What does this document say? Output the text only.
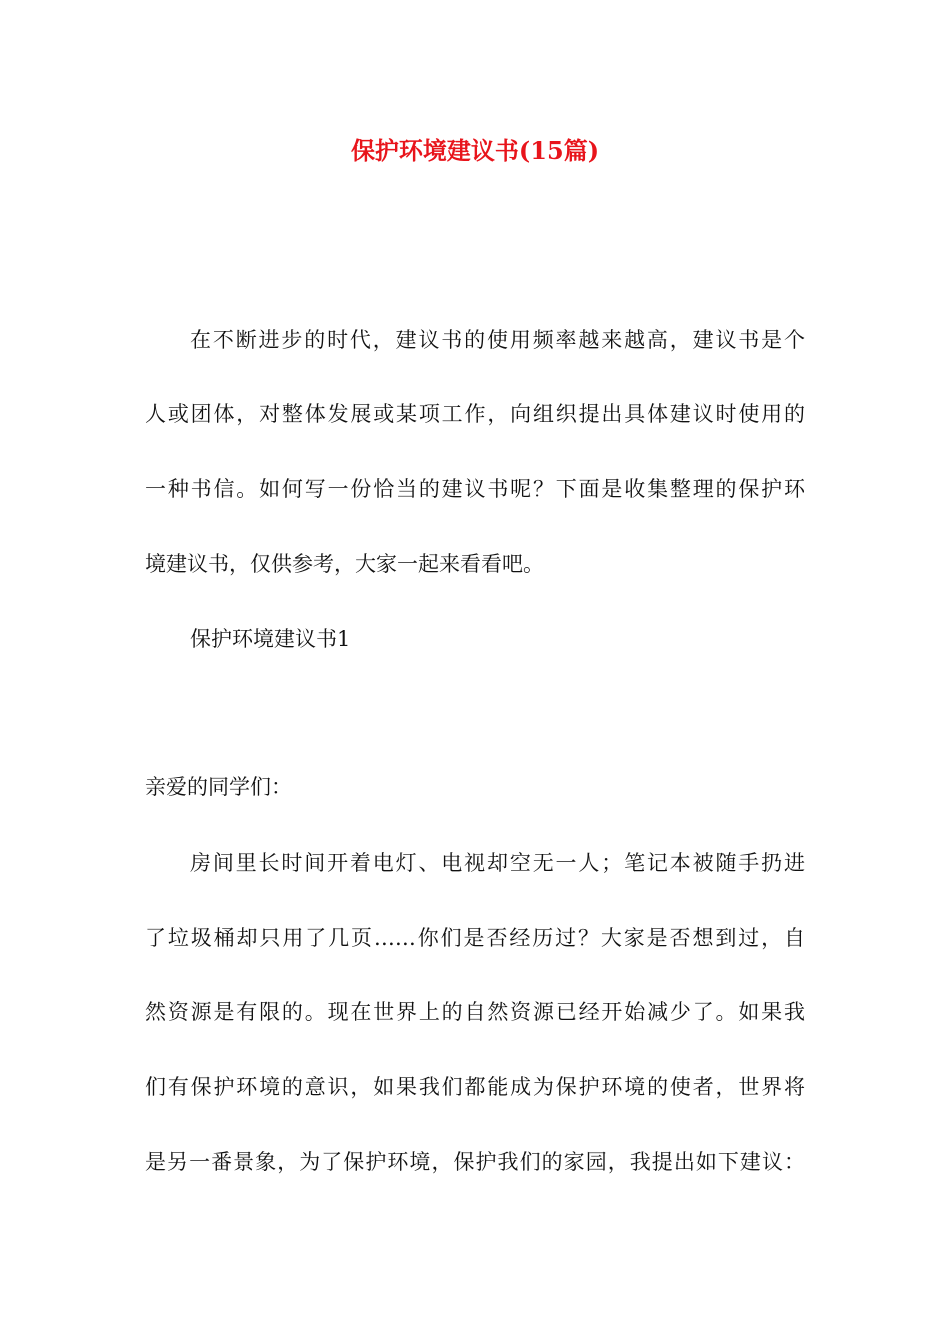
保护环境建议书(15篇)
在不断进步的时代，建议书的使用频率越来越高，建议书是个
人或团体，对整体发展或某项工作，向组织提出具体建议时使用的
一种书信。如何写一份恰当的建议书呢？下面是收集整理的保护环
境建议书，仅供参考，大家一起来看看吧。
保护环境建议书1
亲爱的同学们：
房间里长时间开着电灯、电视却空无一人；笔记本被随手扔进
了垃圾桶却只用了几页……你们是否经历过？大家是否想到过，自
然资源是有限的。现在世界上的自然资源已经开始减少了。如果我
们有保护环境的意识，如果我们都能成为保护环境的使者，世界将
是另一番景象，为了保护环境，保护我们的家园，我提出如下建议：
